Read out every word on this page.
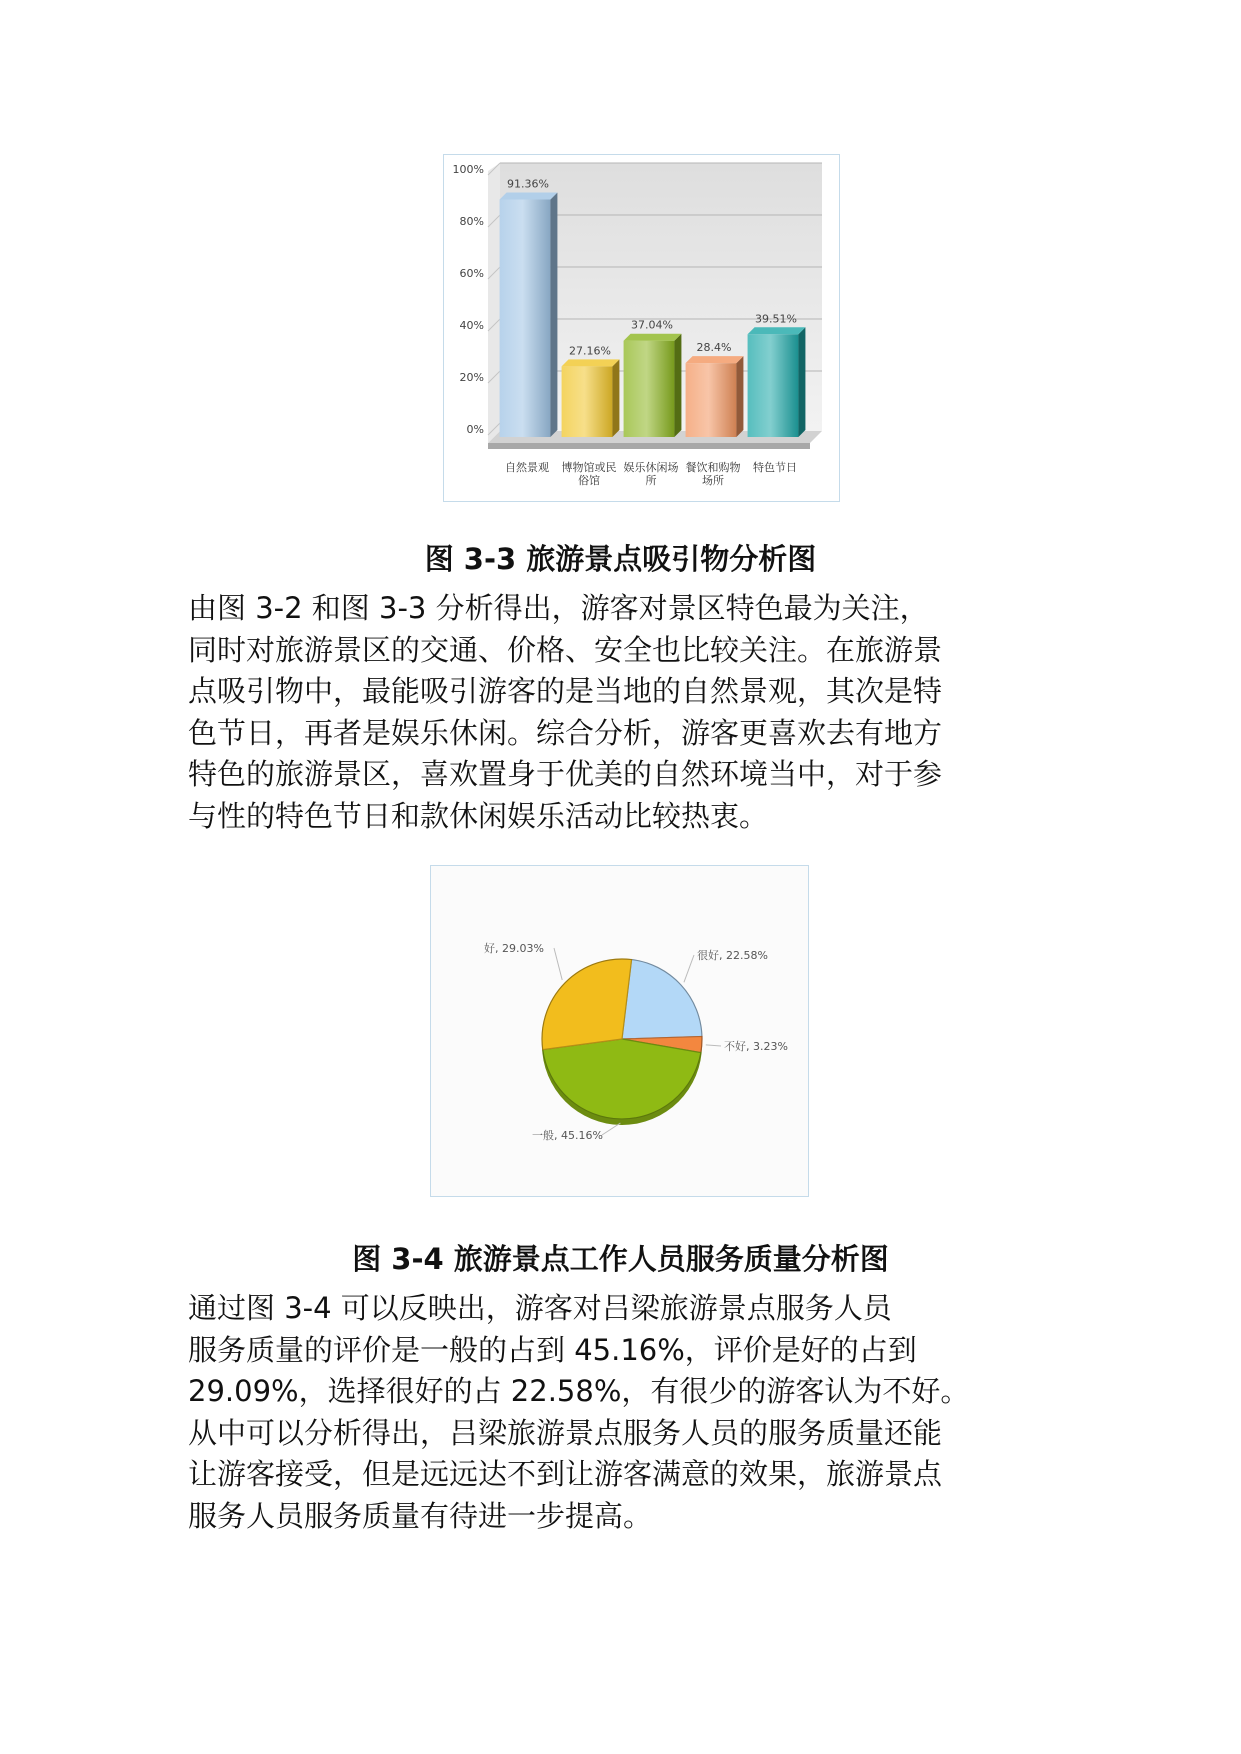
0%
20%
40%
60%
80%
100%
91.36%
自然景观
27.16%
博物馆或民
俗馆
37.04%
娱乐休闲场
所
28.4%
餐饮和购物
场所
39.51%
特色节日
图 3-3 旅游景点吸引物分析图

由图 3-2 和图 3-3 分析得出，游客对景区特色最为关注，

同时对旅游景区的交通、价格、安全也比较关注。在旅游景

点吸引物中，最能吸引游客的是当地的自然景观，其次是特

色节日，再者是娱乐休闲。综合分析，游客更喜欢去有地方

特色的旅游景区，喜欢置身于优美的自然环境当中，对于参

与性的特色节日和款休闲娱乐活动比较热衷。

很好, 22.58%
不好, 3.23%
一般, 45.16%
好, 29.03%
图 3-4 旅游景点工作人员服务质量分析图

通过图 3-4 可以反映出，游客对吕梁旅游景点服务人员

服务质量的评价是一般的占到 45.16%，评价是好的占到

29.09%，选择很好的占 22.58%，有很少的游客认为不好。

从中可以分析得出，吕梁旅游景点服务人员的服务质量还能

让游客接受，但是远远达不到让游客满意的效果，旅游景点

服务人员服务质量有待进一步提高。
